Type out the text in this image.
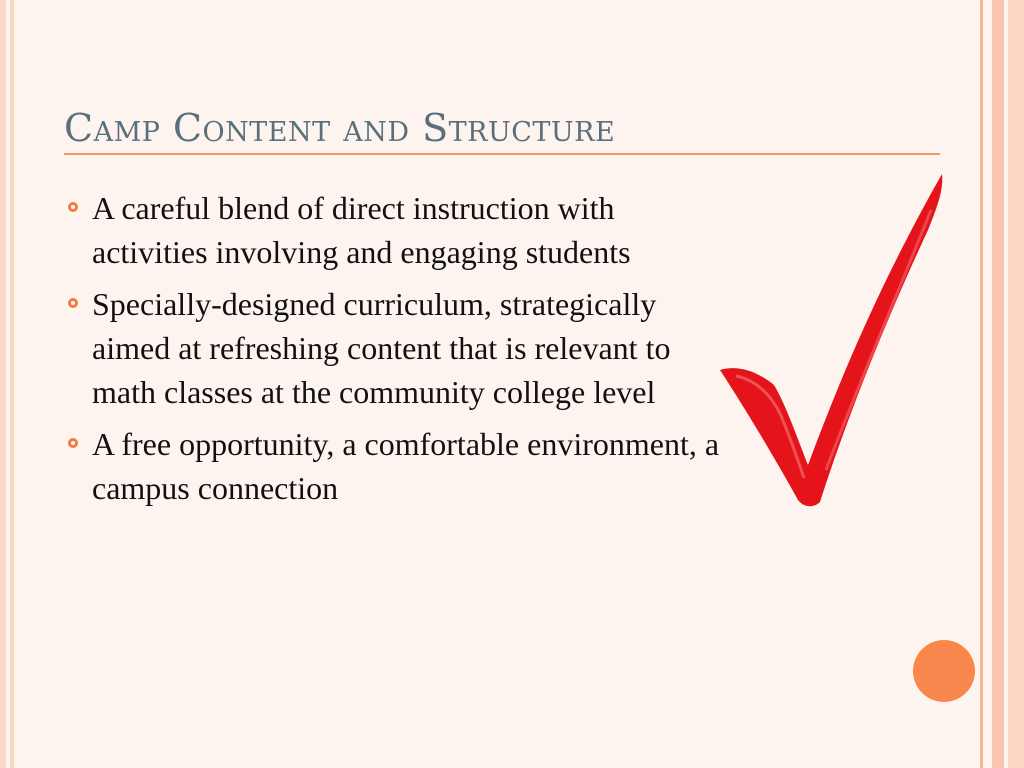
Camp Content and Structure
A careful blend of direct instruction with activities involving and engaging students
Specially-designed curriculum, strategically aimed at refreshing content that is relevant to math classes at the community college level
A free opportunity, a comfortable environment, a campus connection
